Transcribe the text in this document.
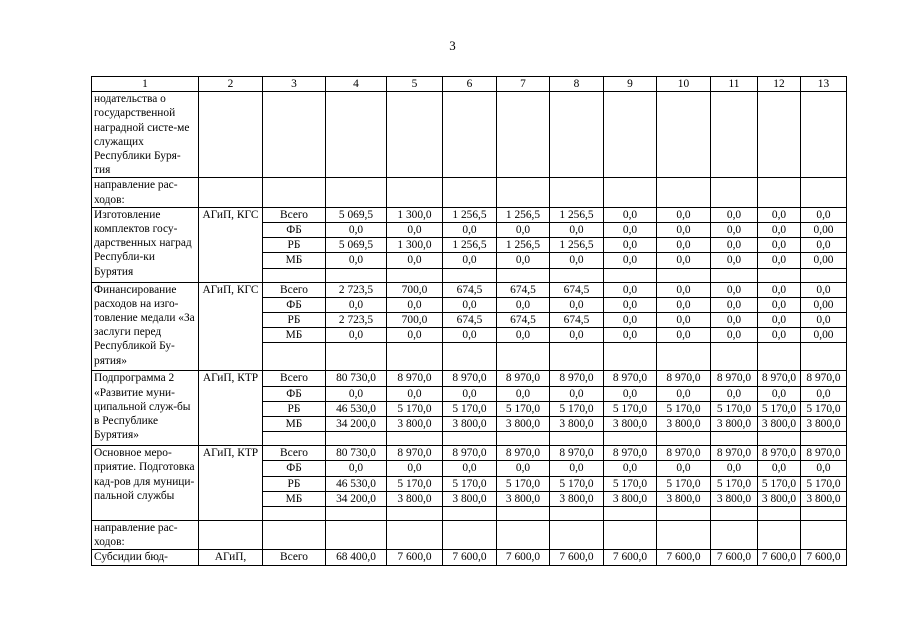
3
1	2	3	4	5	6	7	8	9	10	11	12	13
нодательства о государственной наградной систе-ме служащих Республики Буря-тия												
направление рас-ходов:												
Изготовление комплектов госу-дарственных наград Республи-ки Бурятия	АГиП, КГС	Всего	5 069,5	1 300,0	1 256,5	1 256,5	1 256,5	0,0	0,0	0,0	0,0	0,0
		ФБ	0,0	0,0	0,0	0,0	0,0	0,0	0,0	0,0	0,0	0,00
		РБ	5 069,5	1 300,0	1 256,5	1 256,5	1 256,5	0,0	0,0	0,0	0,0	0,0
		МБ	0,0	0,0	0,0	0,0	0,0	0,0	0,0	0,0	0,0	0,00

Финансирование расходов на изго-товление медали «За заслуги перед Республикой Бу-рятия»	АГиП, КГС	Всего	2 723,5	700,0	674,5	674,5	674,5	0,0	0,0	0,0	0,0	0,0
		ФБ	0,0	0,0	0,0	0,0	0,0	0,0	0,0	0,0	0,0	0,00
		РБ	2 723,5	700,0	674,5	674,5	674,5	0,0	0,0	0,0	0,0	0,0
		МБ	0,0	0,0	0,0	0,0	0,0	0,0	0,0	0,0	0,0	0,00

Подпрограмма 2 «Развитие муни-ципальной служ-бы в Республике Бурятия»	АГиП, КТР	Всего	80 730,0	8 970,0	8 970,0	8 970,0	8 970,0	8 970,0	8 970,0	8 970,0	8 970,0	8 970,0
		ФБ	0,0	0,0	0,0	0,0	0,0	0,0	0,0	0,0	0,0	0,0
		РБ	46 530,0	5 170,0	5 170,0	5 170,0	5 170,0	5 170,0	5 170,0	5 170,0	5 170,0	5 170,0
		МБ	34 200,0	3 800,0	3 800,0	3 800,0	3 800,0	3 800,0	3 800,0	3 800,0	3 800,0	3 800,0

Основное меро-приятие. Подготовка кад-ров для муници-пальной службы	АГиП, КТР	Всего	80 730,0	8 970,0	8 970,0	8 970,0	8 970,0	8 970,0	8 970,0	8 970,0	8 970,0	8 970,0
		ФБ	0,0	0,0	0,0	0,0	0,0	0,0	0,0	0,0	0,0	0,0
		РБ	46 530,0	5 170,0	5 170,0	5 170,0	5 170,0	5 170,0	5 170,0	5 170,0	5 170,0	5 170,0
		МБ	34 200,0	3 800,0	3 800,0	3 800,0	3 800,0	3 800,0	3 800,0	3 800,0	3 800,0	3 800,0

направление рас-ходов:												
Субсидии бюд-	АГиП,	Всего	68 400,0	7 600,0	7 600,0	7 600,0	7 600,0	7 600,0	7 600,0	7 600,0	7 600,0	7 600,0
